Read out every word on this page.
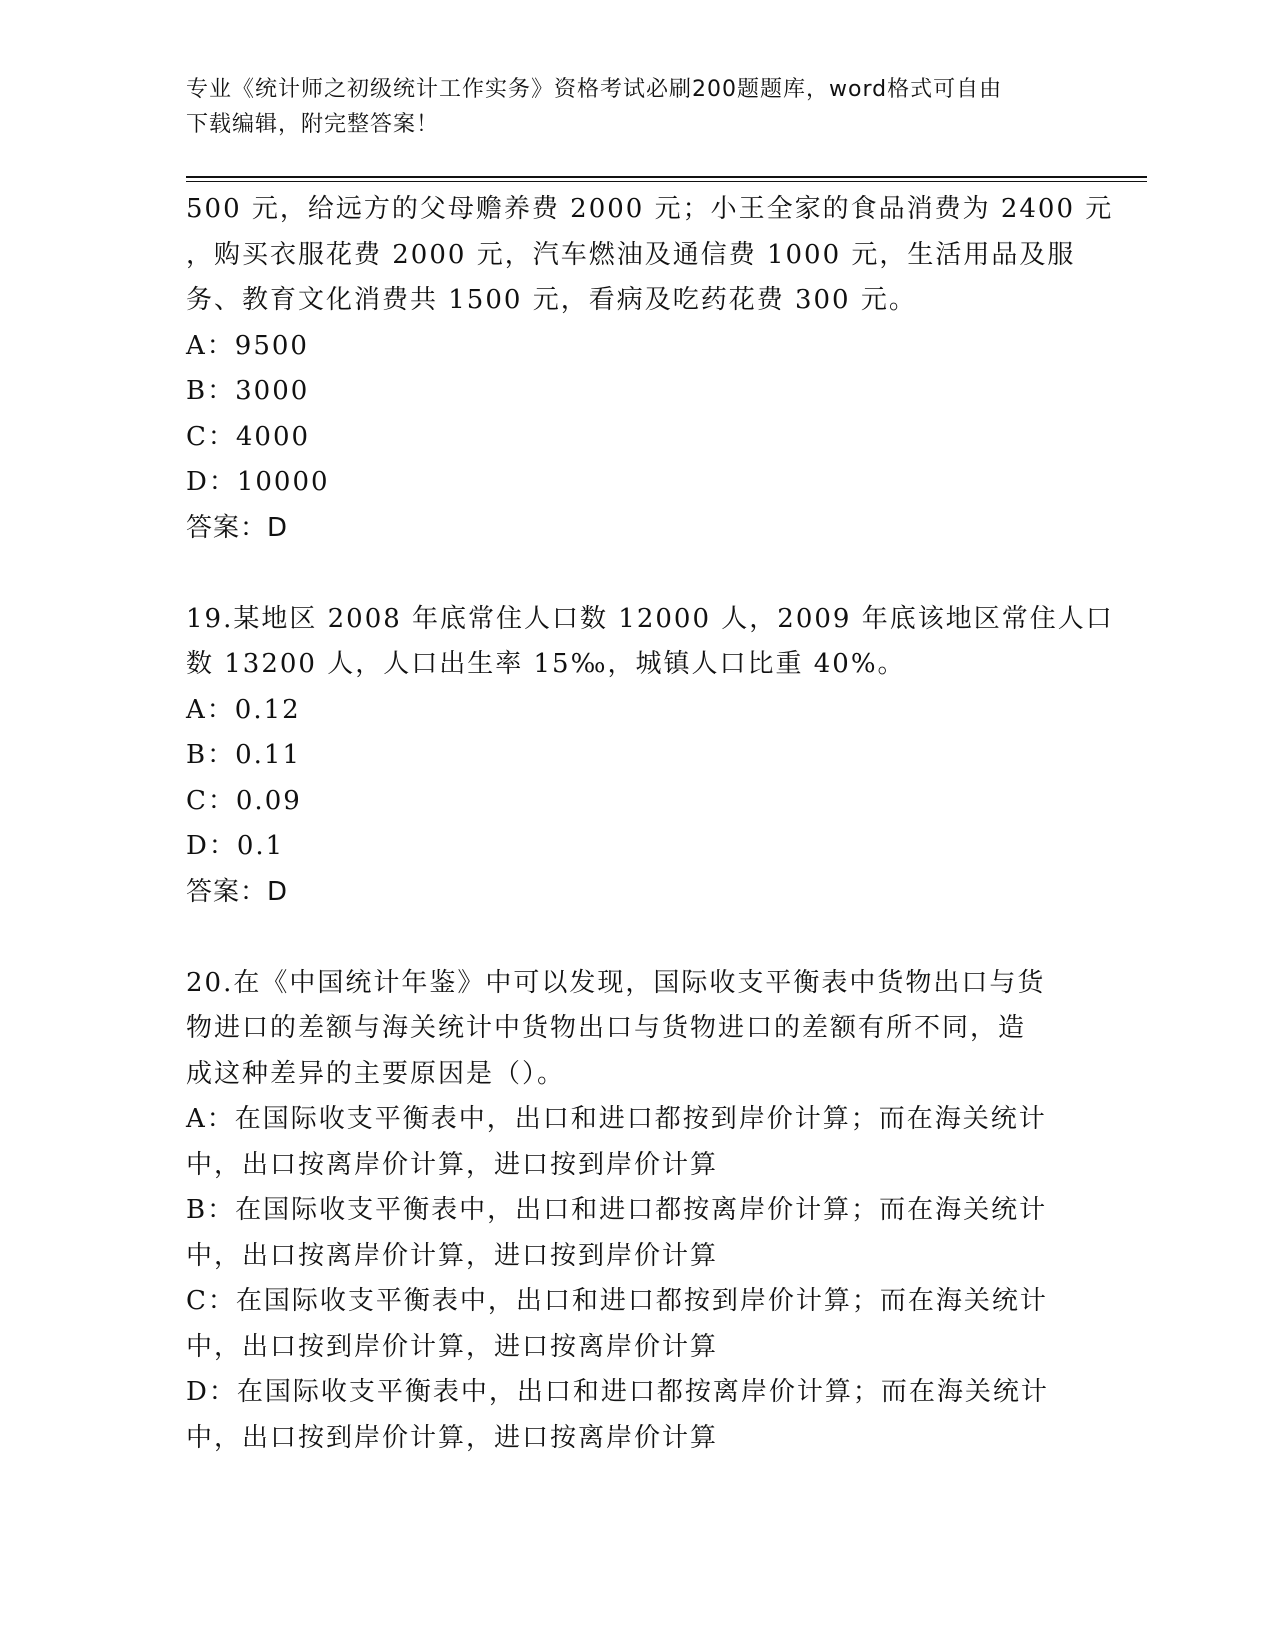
专业《统计师之初级统计工作实务》资格考试必刷200题题库，word格式可自由
下载编辑，附完整答案！
500 元，给远方的父母赡养费 2000 元；小王全家的食品消费为 2400 元
，购买衣服花费 2000 元，汽车燃油及通信费 1000 元，生活用品及服
务、教育文化消费共 1500 元，看病及吃药花费 300 元。
A：9500
B：3000
C：4000
D：10000
答案：D
19.某地区 2008 年底常住人口数 12000 人，2009 年底该地区常住人口
数 13200 人，人口出生率 15‰，城镇人口比重 40%。
A：0.12
B：0.11
C：0.09
D：0.1
答案：D
20.在《中国统计年鉴》中可以发现，国际收支平衡表中货物出口与货
物进口的差额与海关统计中货物出口与货物进口的差额有所不同，造
成这种差异的主要原因是（）。
A：在国际收支平衡表中，出口和进口都按到岸价计算；而在海关统计
中，出口按离岸价计算，进口按到岸价计算
B：在国际收支平衡表中，出口和进口都按离岸价计算；而在海关统计
中，出口按离岸价计算，进口按到岸价计算
C：在国际收支平衡表中，出口和进口都按到岸价计算；而在海关统计
中，出口按到岸价计算，进口按离岸价计算
D：在国际收支平衡表中，出口和进口都按离岸价计算；而在海关统计
中，出口按到岸价计算，进口按离岸价计算
